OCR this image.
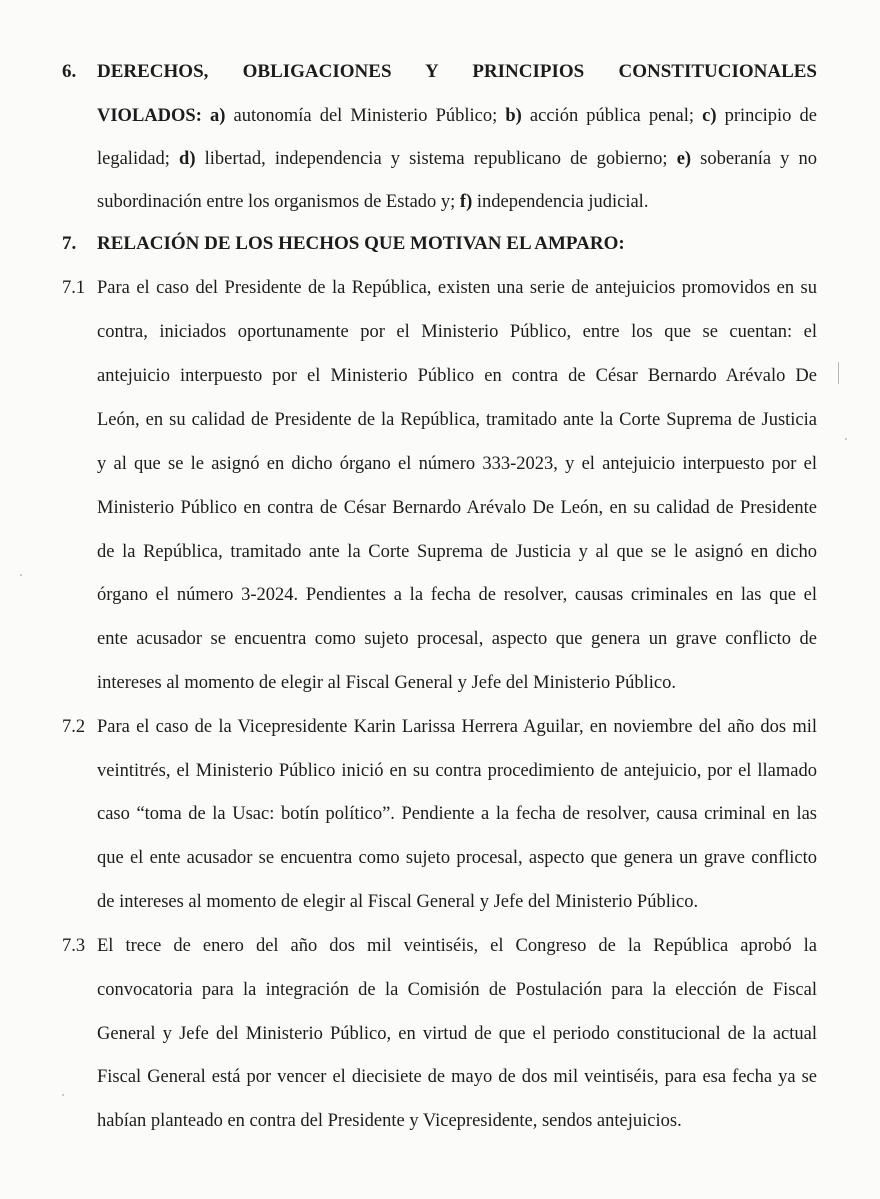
6. DERECHOS, OBLIGACIONES Y PRINCIPIOS CONSTITUCIONALES
VIOLADOS: a) autonomía del Ministerio Público; b) acción pública penal; c) principio de
legalidad; d) libertad, independencia y sistema republicano de gobierno; e) soberanía y no
subordinación entre los organismos de Estado y; f) independencia judicial.
7. RELACIÓN DE LOS HECHOS QUE MOTIVAN EL AMPARO:
7.1 Para el caso del Presidente de la República, existen una serie de antejuicios promovidos en su
contra, iniciados oportunamente por el Ministerio Público, entre los que se cuentan: el
antejuicio interpuesto por el Ministerio Público en contra de César Bernardo Arévalo De
León, en su calidad de Presidente de la República, tramitado ante la Corte Suprema de Justicia
y al que se le asignó en dicho órgano el número 333-2023, y el antejuicio interpuesto por el
Ministerio Público en contra de César Bernardo Arévalo De León, en su calidad de Presidente
de la República, tramitado ante la Corte Suprema de Justicia y al que se le asignó en dicho
órgano el número 3-2024. Pendientes a la fecha de resolver, causas criminales en las que el
ente acusador se encuentra como sujeto procesal, aspecto que genera un grave conflicto de
intereses al momento de elegir al Fiscal General y Jefe del Ministerio Público.
7.2 Para el caso de la Vicepresidente Karin Larissa Herrera Aguilar, en noviembre del año dos mil
veintitrés, el Ministerio Público inició en su contra procedimiento de antejuicio, por el llamado
caso “toma de la Usac: botín político”. Pendiente a la fecha de resolver, causa criminal en las
que el ente acusador se encuentra como sujeto procesal, aspecto que genera un grave conflicto
de intereses al momento de elegir al Fiscal General y Jefe del Ministerio Público.
7.3 El trece de enero del año dos mil veintiséis, el Congreso de la República aprobó la
convocatoria para la integración de la Comisión de Postulación para la elección de Fiscal
General y Jefe del Ministerio Público, en virtud de que el periodo constitucional de la actual
Fiscal General está por vencer el diecisiete de mayo de dos mil veintiséis, para esa fecha ya se
habían planteado en contra del Presidente y Vicepresidente, sendos antejuicios.
